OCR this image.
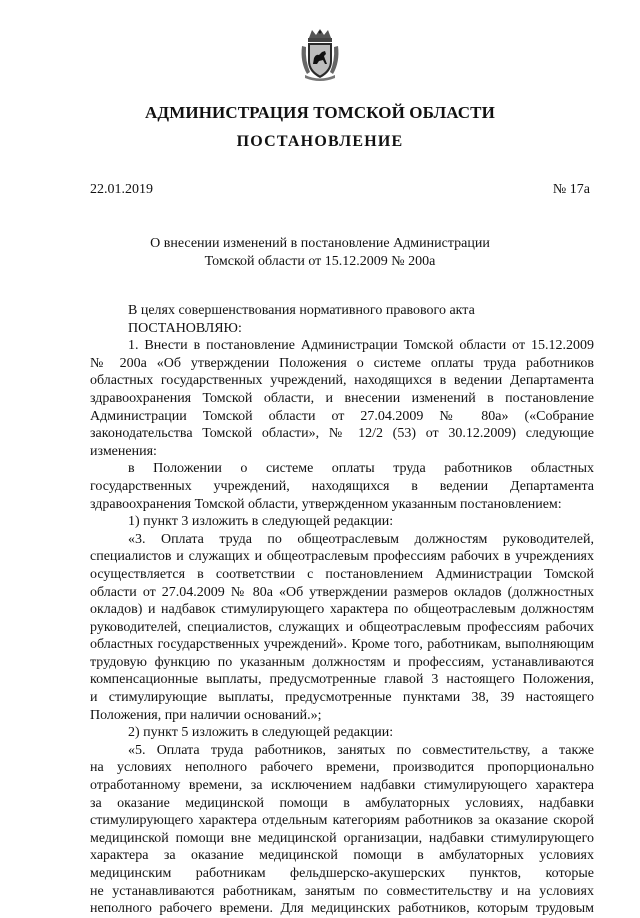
АДМИНИСТРАЦИЯ ТОМСКОЙ ОБЛАСТИ
ПОСТАНОВЛЕНИЕ
22.01.2019	№ 17а
О внесении изменений в постановление Администрации
Томской области от 15.12.2009 № 200а
В целях совершенствования нормативного правового акта
ПОСТАНОВЛЯЮ:
1. Внести в постановление Администрации Томской области от 15.12.2009
№ 200а «Об утверждении Положения о системе оплаты труда работников
областных государственных учреждений, находящихся в ведении Департамента
здравоохранения Томской области, и внесении изменений в постановление
Администрации Томской области от 27.04.2009 № 80а» («Собрание
законодательства Томской области», № 12/2 (53) от 30.12.2009) следующие
изменения:
в Положении о системе оплаты труда работников областных
государственных учреждений, находящихся в ведении Департамента
здравоохранения Томской области, утвержденном указанным постановлением:
1) пункт 3 изложить в следующей редакции:
«3. Оплата труда по общеотраслевым должностям руководителей,
специалистов и служащих и общеотраслевым профессиям рабочих в учреждениях
осуществляется в соответствии с постановлением Администрации Томской
области от 27.04.2009 № 80а «Об утверждении размеров окладов (должностных
окладов) и надбавок стимулирующего характера по общеотраслевым должностям
руководителей, специалистов, служащих и общеотраслевым профессиям рабочих
областных государственных учреждений». Кроме того, работникам, выполняющим
трудовую функцию по указанным должностям и профессиям, устанавливаются
компенсационные выплаты, предусмотренные главой 3 настоящего Положения,
и стимулирующие выплаты, предусмотренные пунктами 38, 39 настоящего
Положения, при наличии оснований.»;
2) пункт 5 изложить в следующей редакции:
«5. Оплата труда работников, занятых по совместительству, а также
на условиях неполного рабочего времени, производится пропорционально
отработанному времени, за исключением надбавки стимулирующего характера
за оказание медицинской помощи в амбулаторных условиях, надбавки
стимулирующего характера отдельным категориям работников за оказание скорой
медицинской помощи вне медицинской организации, надбавки стимулирующего
характера за оказание медицинской помощи в амбулаторных условиях
медицинским работникам фельдшерско-акушерских пунктов, которые
не устанавливаются работникам, занятым по совместительству и на условиях
неполного рабочего времени. Для медицинских работников, которым трудовым
